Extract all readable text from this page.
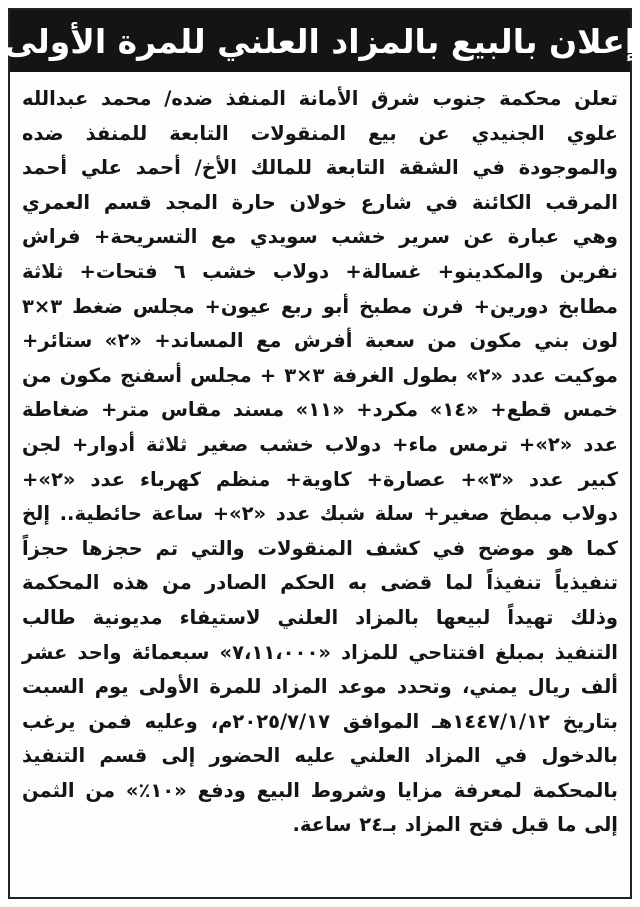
إعلان بالبيع بالمزاد العلني للمرة الأولى

تعلن محكمة جنوب شرق الأمانة المنفذ ضده/ محمد عبدالله علوي الجنيدي عن بيع المنقولات التابعة للمنفذ ضده والموجودة في الشقة التابعة للمالك الأخ/ أحمد علي أحمد المرقب الكائنة في شارع خولان حارة المجد قسم العمري وهي عبارة عن سرير خشب سويدي مع التسريحة+ فراش نفرين والمكدينو+ غسالة+ دولاب خشب ٦ فتحات+ ثلاثة مطابخ دورين+ فرن مطبخ أبو ربع عيون+ مجلس ضغط ٣×٣ لون بني مكون من سعبة أفرش مع المساند+ «٢» ستائر+ موكيت عدد «٢» بطول الغرفة ٣×٣ + مجلس أسفنج مكون من خمس قطع+ «١٤» مكرد+ «١١» مسند مقاس متر+ ضغاطة عدد «٢»+ ترمس ماء+ دولاب خشب صغير ثلاثة أدوار+ لجن كبير عدد «٣»+ عصارة+ كاوية+ منظم كهرباء عدد «٢»+ دولاب مبطخ صغير+ سلة شبك عدد «٢»+ ساعة حائطية.. إلخ كما هو موضح في كشف المنقولات والتي تم حجزها حجزاً تنفيذياً تنفيذاً لما قضى به الحكم الصادر من هذه المحكمة وذلك تهيداً لبيعها بالمزاد العلني لاستيفاء مديونية طالب التنفيذ بمبلغ افتتاحي للمزاد «٧،١١،٠٠٠» سبعمائة واحد عشر ألف ريال يمني، وتحدد موعد المزاد للمرة الأولى يوم السبت بتاريخ ١٤٤٧/١/١٢هـ الموافق ٢٠٢٥/٧/١٧م، وعليه فمن يرغب بالدخول في المزاد العلني عليه الحضور إلى قسم التنفيذ بالمحكمة لمعرفة مزايا وشروط البيع ودفع «١٠٪» من الثمن إلى ما قبل فتح المزاد بـ٢٤ ساعة.
